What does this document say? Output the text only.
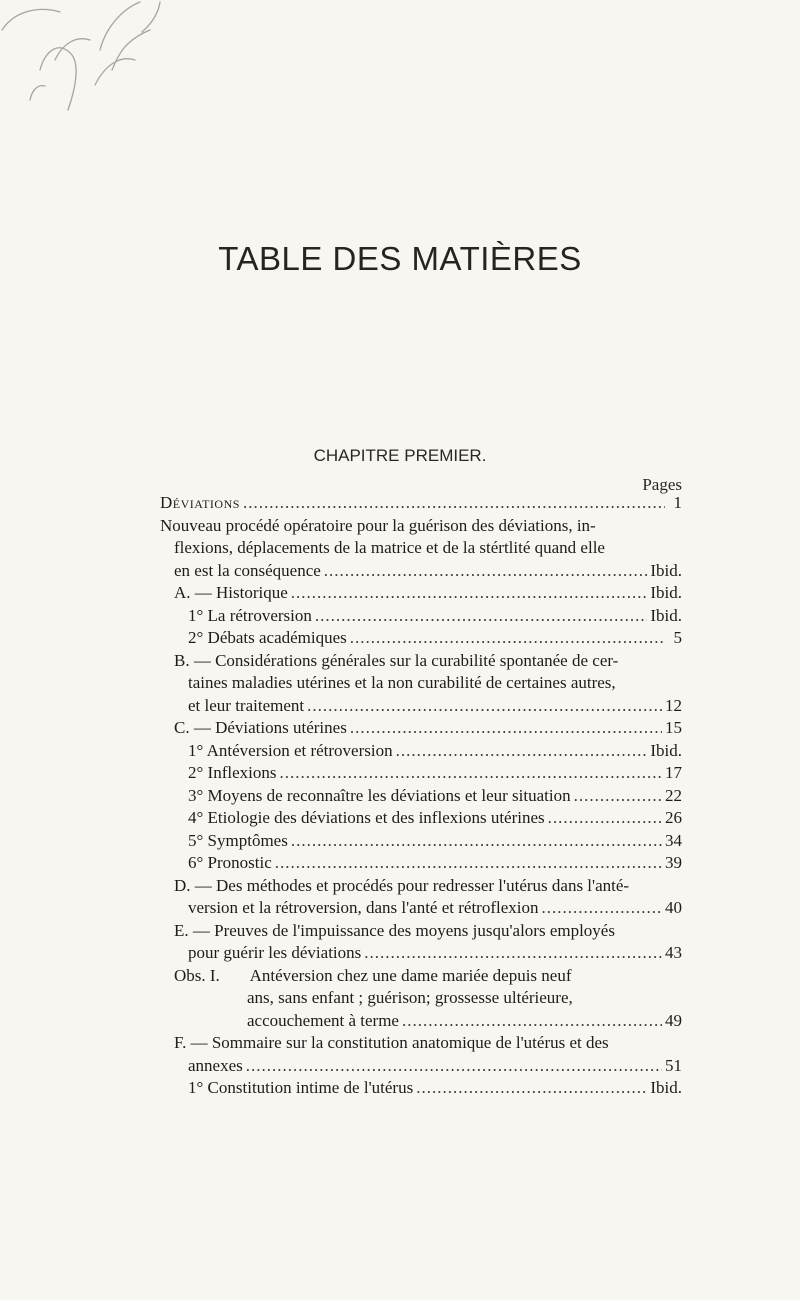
TABLE DES MATIÈRES
CHAPITRE PREMIER.
Pages
Déviations .....	1
Nouveau procédé opératoire pour la guérison des déviations, in-
flexions, déplacements de la matrice et de la stértlité quand elle
en est la conséquence .....	Ibid.
A. — Historique .....	Ibid.
1° La rétroversion .....	Ibid.
2° Débats académiques .....	5
B. — Considérations générales sur la curabilité spontanée de cer-
taines maladies utérines et la non curabilité de certaines autres,
et leur traitement .....	12
C. — Déviations utérines .....	15
1° Antéversion et rétroversion .....	Ibid.
2° Inflexions .....	17
3° Moyens de reconnaître les déviations et leur situation .....	22
4° Etiologie des déviations et des inflexions utérines .....	26
5° Symptômes .....	34
6° Pronostic .....	39
D. — Des méthodes et procédés pour redresser l'utérus dans l'anté-
version et la rétroversion, dans l'anté et rétroflexion .....	40
E. — Preuves de l'impuissance des moyens jusqu'alors employés
pour guérir les déviations .....	43
Obs. I. Antéversion chez une dame mariée depuis neuf
ans, sans enfant ; guérison; grossesse ultérieure,
accouchement à terme .....	49
F. — Sommaire sur la constitution anatomique de l'utérus et des
annexes .....	51
1° Constitution intime de l'utérus .....	Ibid.
